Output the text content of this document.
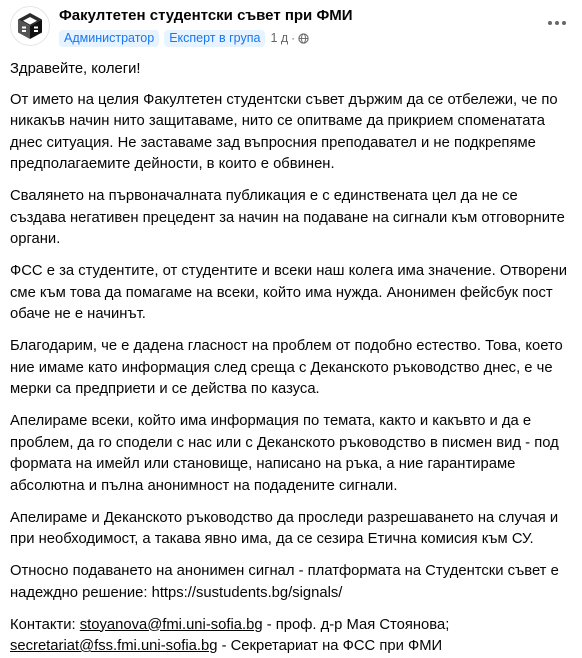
Факултетен студентски съвет при ФМИ
Администратор	Експерт в група 1 д ·

Здравейте, колеги!

От името на целия Факултетен студентски съвет държим да се отбележи, че по никакъв начин нито защитаваме, нито се опитваме да прикрием споменатата днес ситуация. Не заставаме зад въпросния преподавател и не подкрепяме предполагаемите дейности, в които е обвинен.

Свалянето на първоначалната публикация е с единствената цел да не се създава негативен прецедент за начин на подаване на сигнали към отговорните органи.

ФСС е за студентите, от студентите и всеки наш колега има значение. Отворени сме към това да помагаме на всеки, който има нужда. Анонимен фейсбук пост обаче не е начинът.

Благодарим, че е дадена гласност на проблем от подобно естество. Това, което ние имаме като информация след среща с Деканското ръководство днес, е че мерки са предприети и се действа по казуса.

Апелираме всеки, който има информация по темата, както и какъвто и да е проблем, да го сподели с нас или с Деканското ръководство в писмен вид - под формата на имейл или становище, написано на ръка, а ние гарантираме абсолютна и пълна анонимност на подадените сигнали.

Апелираме и Деканското ръководство да проследи разрешаването на случая и при необходимост, а такава явно има, да се сезира Етична комисия към СУ.

Относно подаването на анонимен сигнал - платформата на Студентски съвет е надеждно решение: https://sustudents.bg/signals/

Контакти: stoyanova@fmi.uni-sofia.bg - проф. д-р Мая Стоянова;
secretariat@fss.fmi.uni-sofia.bg - Секретариат на ФСС при ФМИ
